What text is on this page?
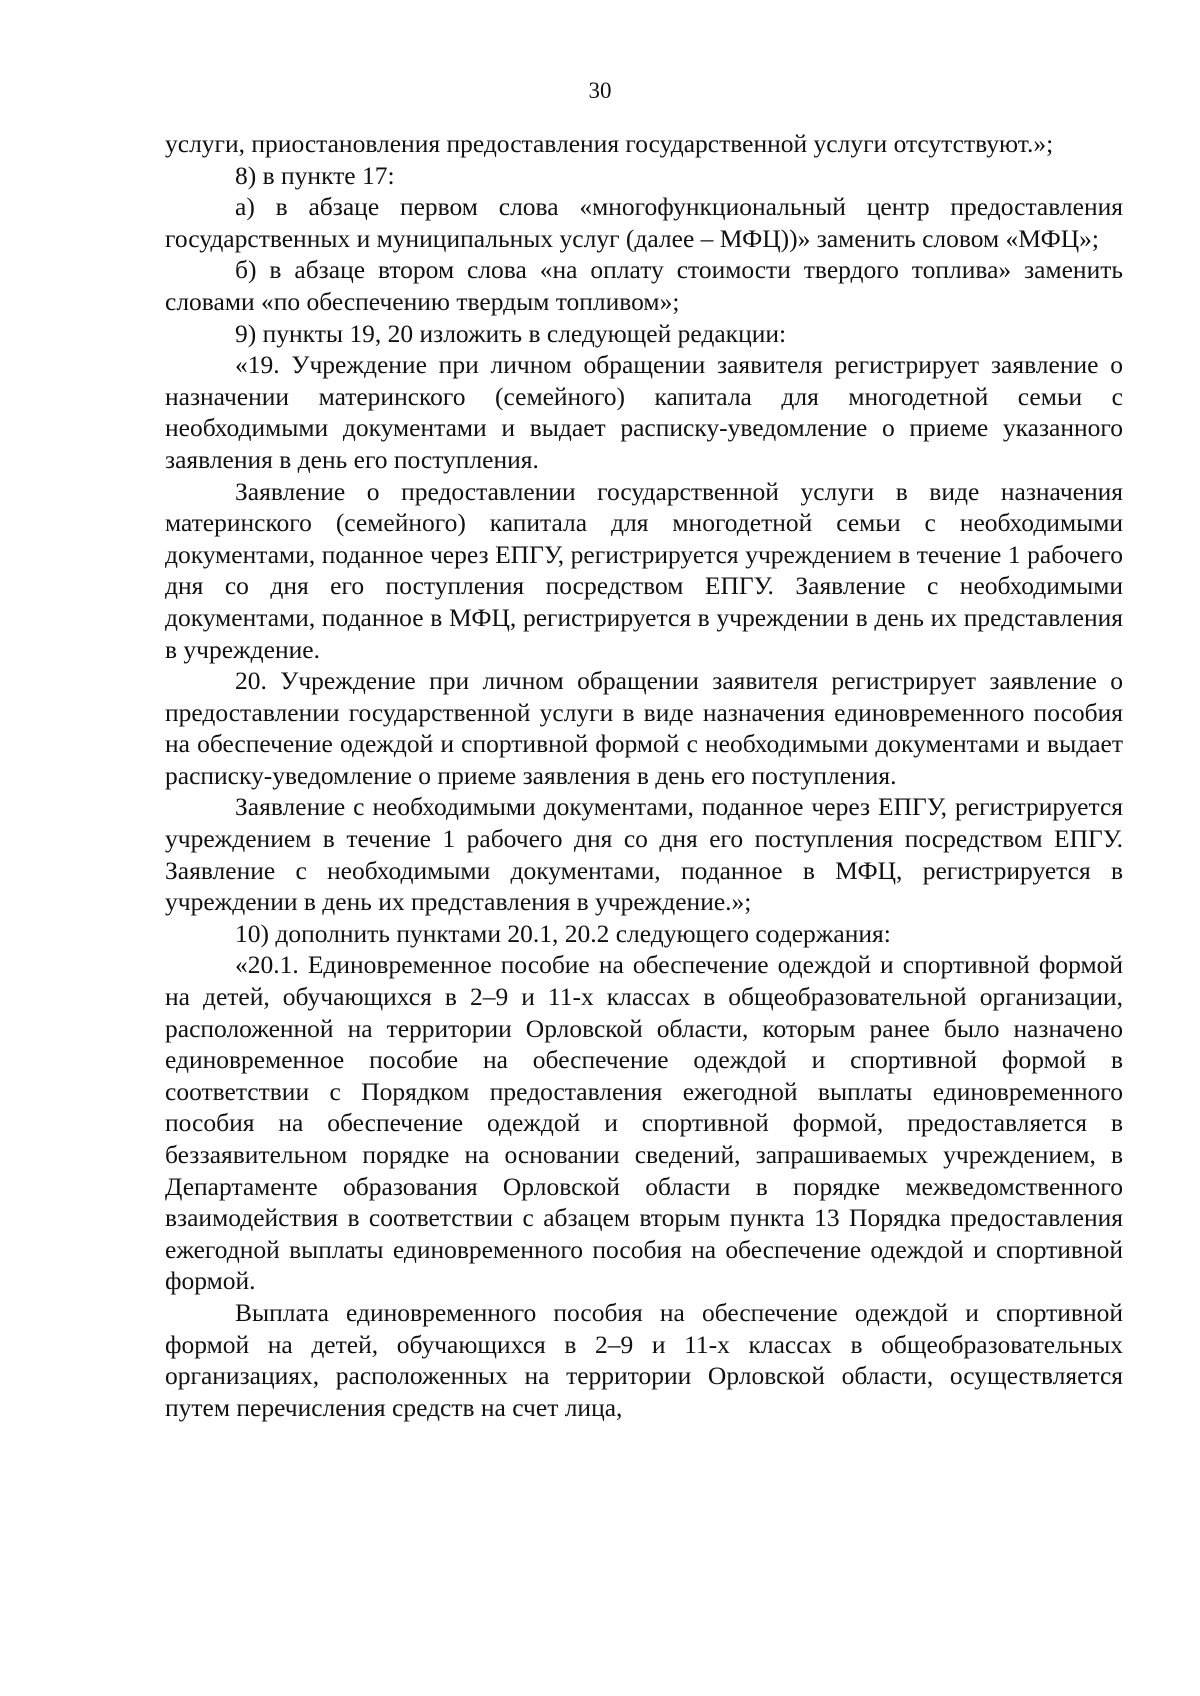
30

услуги, приостановления предоставления государственной услуги отсутствуют.»;

8) в пункте 17:

а) в абзаце первом слова «многофункциональный центр предоставления государственных и муниципальных услуг (далее – МФЦ))» заменить словом «МФЦ»;

б) в абзаце втором слова «на оплату стоимости твердого топлива» заменить словами «по обеспечению твердым топливом»;

9) пункты 19, 20 изложить в следующей редакции:

«19. Учреждение при личном обращении заявителя регистрирует заявление о назначении материнского (семейного) капитала для многодетной семьи с необходимыми документами и выдает расписку-уведомление о приеме указанного заявления в день его поступления.

Заявление о предоставлении государственной услуги в виде назначения материнского (семейного) капитала для многодетной семьи с необходимыми документами, поданное через ЕПГУ, регистрируется учреждением в течение 1 рабочего дня со дня его поступления посредством ЕПГУ. Заявление с необходимыми документами, поданное в МФЦ, регистрируется в учреждении в день их представления в учреждение.

20. Учреждение при личном обращении заявителя регистрирует заявление о предоставлении государственной услуги в виде назначения единовременного пособия на обеспечение одеждой и спортивной формой с необходимыми документами и выдает расписку-уведомление о приеме заявления в день его поступления.

Заявление с необходимыми документами, поданное через ЕПГУ, регистрируется учреждением в течение 1 рабочего дня со дня его поступления посредством ЕПГУ. Заявление с необходимыми документами, поданное в МФЦ, регистрируется в учреждении в день их представления в учреждение.»;

10) дополнить пунктами 20.1, 20.2 следующего содержания:

«20.1. Единовременное пособие на обеспечение одеждой и спортивной формой на детей, обучающихся в 2–9 и 11-х классах в общеобразовательной организации, расположенной на территории Орловской области, которым ранее было назначено единовременное пособие на обеспечение одеждой и спортивной формой в соответствии с Порядком предоставления ежегодной выплаты единовременного пособия на обеспечение одеждой и спортивной формой, предоставляется в беззаявительном порядке на основании сведений, запрашиваемых учреждением, в Департаменте образования Орловской области в порядке межведомственного взаимодействия в соответствии с абзацем вторым пункта 13 Порядка предоставления ежегодной выплаты единовременного пособия на обеспечение одеждой и спортивной формой.

Выплата единовременного пособия на обеспечение одеждой и спортивной формой на детей, обучающихся в 2–9 и 11-х классах в общеобразовательных организациях, расположенных на территории Орловской области, осуществляется путем перечисления средств на счет лица,
